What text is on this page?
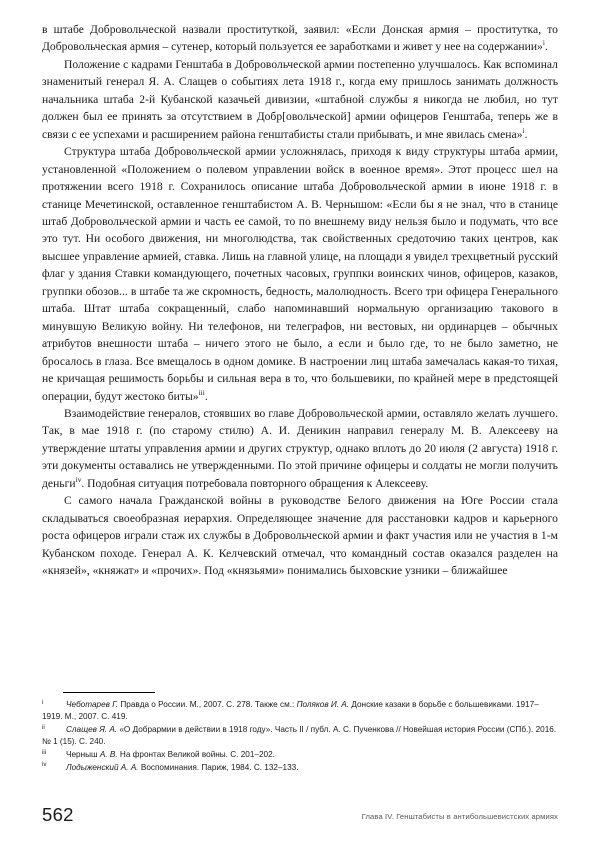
в штабе Добровольческой назвали проституткой, заявил: «Если Донская армия – проститутка, то Добровольческая армия – сутенер, который пользуется ее заработками и живет у нее на содержании»$^i$.

Положение с кадрами Генштаба в Добровольческой армии постепенно улучшалось. Как вспоминал знаменитый генерал Я. А. Слащев о событиях лета 1918 г., когда ему пришлось занимать должность начальника штаба 2-й Кубанской казачьей дивизии, «штабной службы я никогда не любил, но тут должен был ее принять за отсутствием в Добр[овольческой] армии офицеров Генштаба, теперь же в связи с ее успехами и расширением района генштабисты стали прибывать, и мне явилась смена»$^i$.

Структура штаба Добровольческой армии усложнялась, приходя к виду структуры штаба армии, установленной «Положением о полевом управлении войск в военное время». Этот процесс шел на протяжении всего 1918 г. Сохранилось описание штаба Добровольческой армии в июне 1918 г. в станице Мечетинской, оставленное генштабистом А. В. Чернышом: «Если бы я не знал, что в станице штаб Добровольческой армии и часть ее самой, то по внешнему виду нельзя было и подумать, что все это тут. Ни особого движения, ни многолюдства, так свойственных средоточию таких центров, как высшее управление армией, ставка. Лишь на главной улице, на площади я увидел трехцветный русский флаг у здания Ставки командующего, почетных часовых, группки воинских чинов, офицеров, казаков, группки обозов... в штабе та же скромность, бедность, малолюдность. Всего три офицера Генерального штаба. Штат штаба сокращенный, слабо напоминавший нормальную организацию такового в минувшую Великую войну. Ни телефонов, ни телеграфов, ни вестовых, ни ординарцев – обычных атрибутов внешности штаба – ничего этого не было, а если и было где, то не было заметно, не бросалось в глаза. Все вмещалось в одном домике. В настроении лиц штаба замечалась какая-то тихая, не кричащая решимость борьбы и сильная вера в то, что большевики, по крайней мере в предстоящей операции, будут жестоко биты»$^{iii}$.

Взаимодействие генералов, стоявших во главе Добровольческой армии, оставляло желать лучшего. Так, в мае 1918 г. (по старому стилю) А. И. Деникин направил генералу М. В. Алексееву на утверждение штаты управления армии и других структур, однако вплоть до 20 июля (2 августа) 1918 г. эти документы оставались не утвержденными. По этой причине офицеры и солдаты не могли получить деньги$^{iv}$. Подобная ситуация потребовала повторного обращения к Алексееву.

С самого начала Гражданской войны в руководстве Белого движения на Юге России стала складываться своеобразная иерархия. Определяющее значение для расстановки кадров и карьерного роста офицеров играли стаж их службы в Добровольческой армии и факт участия или не участия в 1-м Кубанском походе. Генерал А. К. Келчевский отмечал, что командный состав оказался разделен на «князей», «княжат» и «прочих». Под «князьями» понимались быховские узники – ближайшее

i	Чеботарев Г. Правда о России. М., 2007. С. 278. Также см.: Поляков И. А. Донские казаки в борьбе с большевиками. 1917–1919. М., 2007. С. 419.
ii	Слащев Я. А. «О Добрармии в действии в 1918 году». Часть II / публ. А. С. Пученкова // Новейшая история России (СПб.). 2016. № 1 (15). С. 240.
iii	Черныш А. В. На фронтах Великой войны. С. 201–202.
iv	Лодыженский А. А. Воспоминания. Париж, 1984. С. 132–133.
562	Глава IV. Генштабисты в антибольшевистских армиях
